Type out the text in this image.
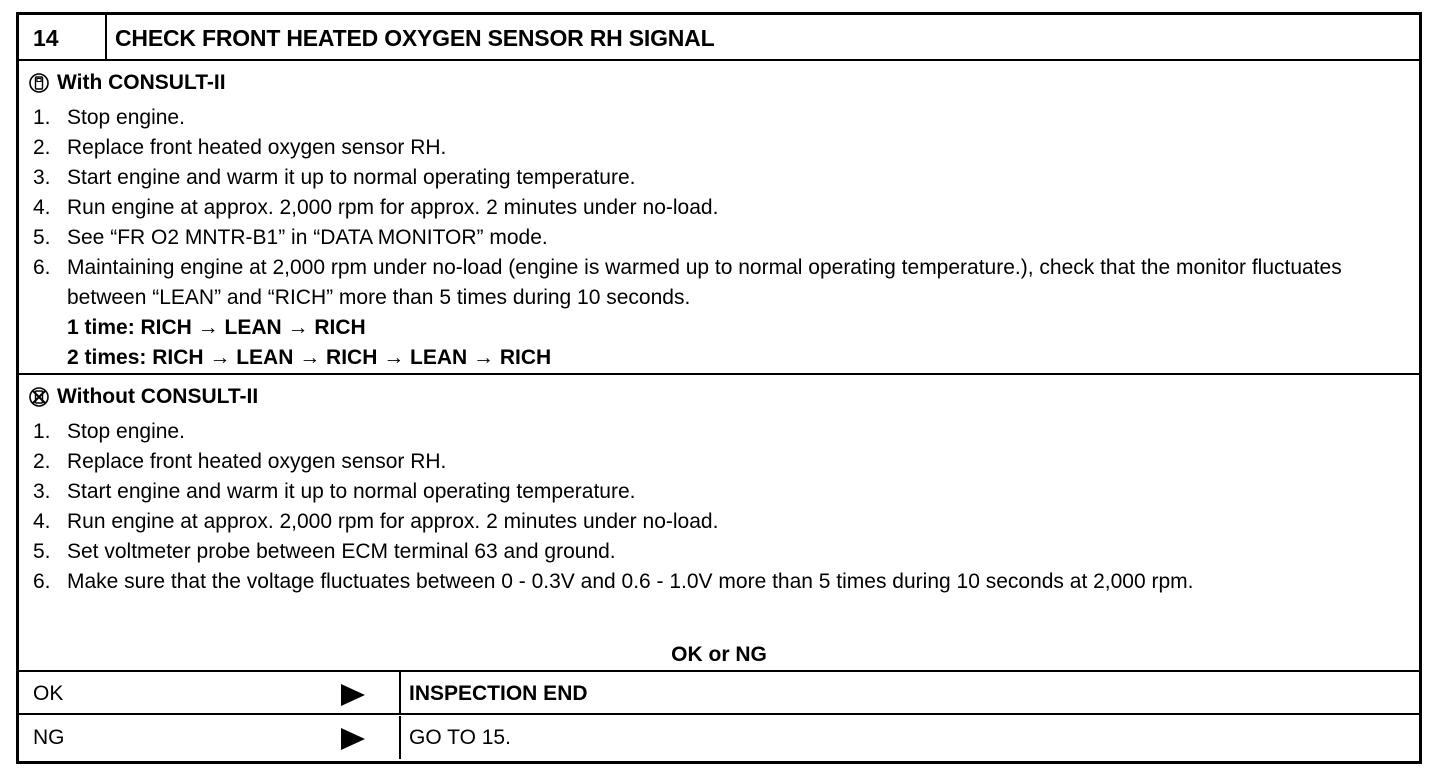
14	CHECK FRONT HEATED OXYGEN SENSOR RH SIGNAL
With CONSULT-II
1. Stop engine.
2. Replace front heated oxygen sensor RH.
3. Start engine and warm it up to normal operating temperature.
4. Run engine at approx. 2,000 rpm for approx. 2 minutes under no-load.
5. See “FR O2 MNTR-B1” in “DATA MONITOR” mode.
6. Maintaining engine at 2,000 rpm under no-load (engine is warmed up to normal operating temperature.), check that the monitor fluctuates between “LEAN” and “RICH” more than 5 times during 10 seconds.
1 time: RICH → LEAN → RICH
2 times: RICH → LEAN → RICH → LEAN → RICH
Without CONSULT-II
1. Stop engine.
2. Replace front heated oxygen sensor RH.
3. Start engine and warm it up to normal operating temperature.
4. Run engine at approx. 2,000 rpm for approx. 2 minutes under no-load.
5. Set voltmeter probe between ECM terminal 63 and ground.
6. Make sure that the voltage fluctuates between 0 - 0.3V and 0.6 - 1.0V more than 5 times during 10 seconds at 2,000 rpm.
OK or NG
OK	INSPECTION END
NG	GO TO 15.
